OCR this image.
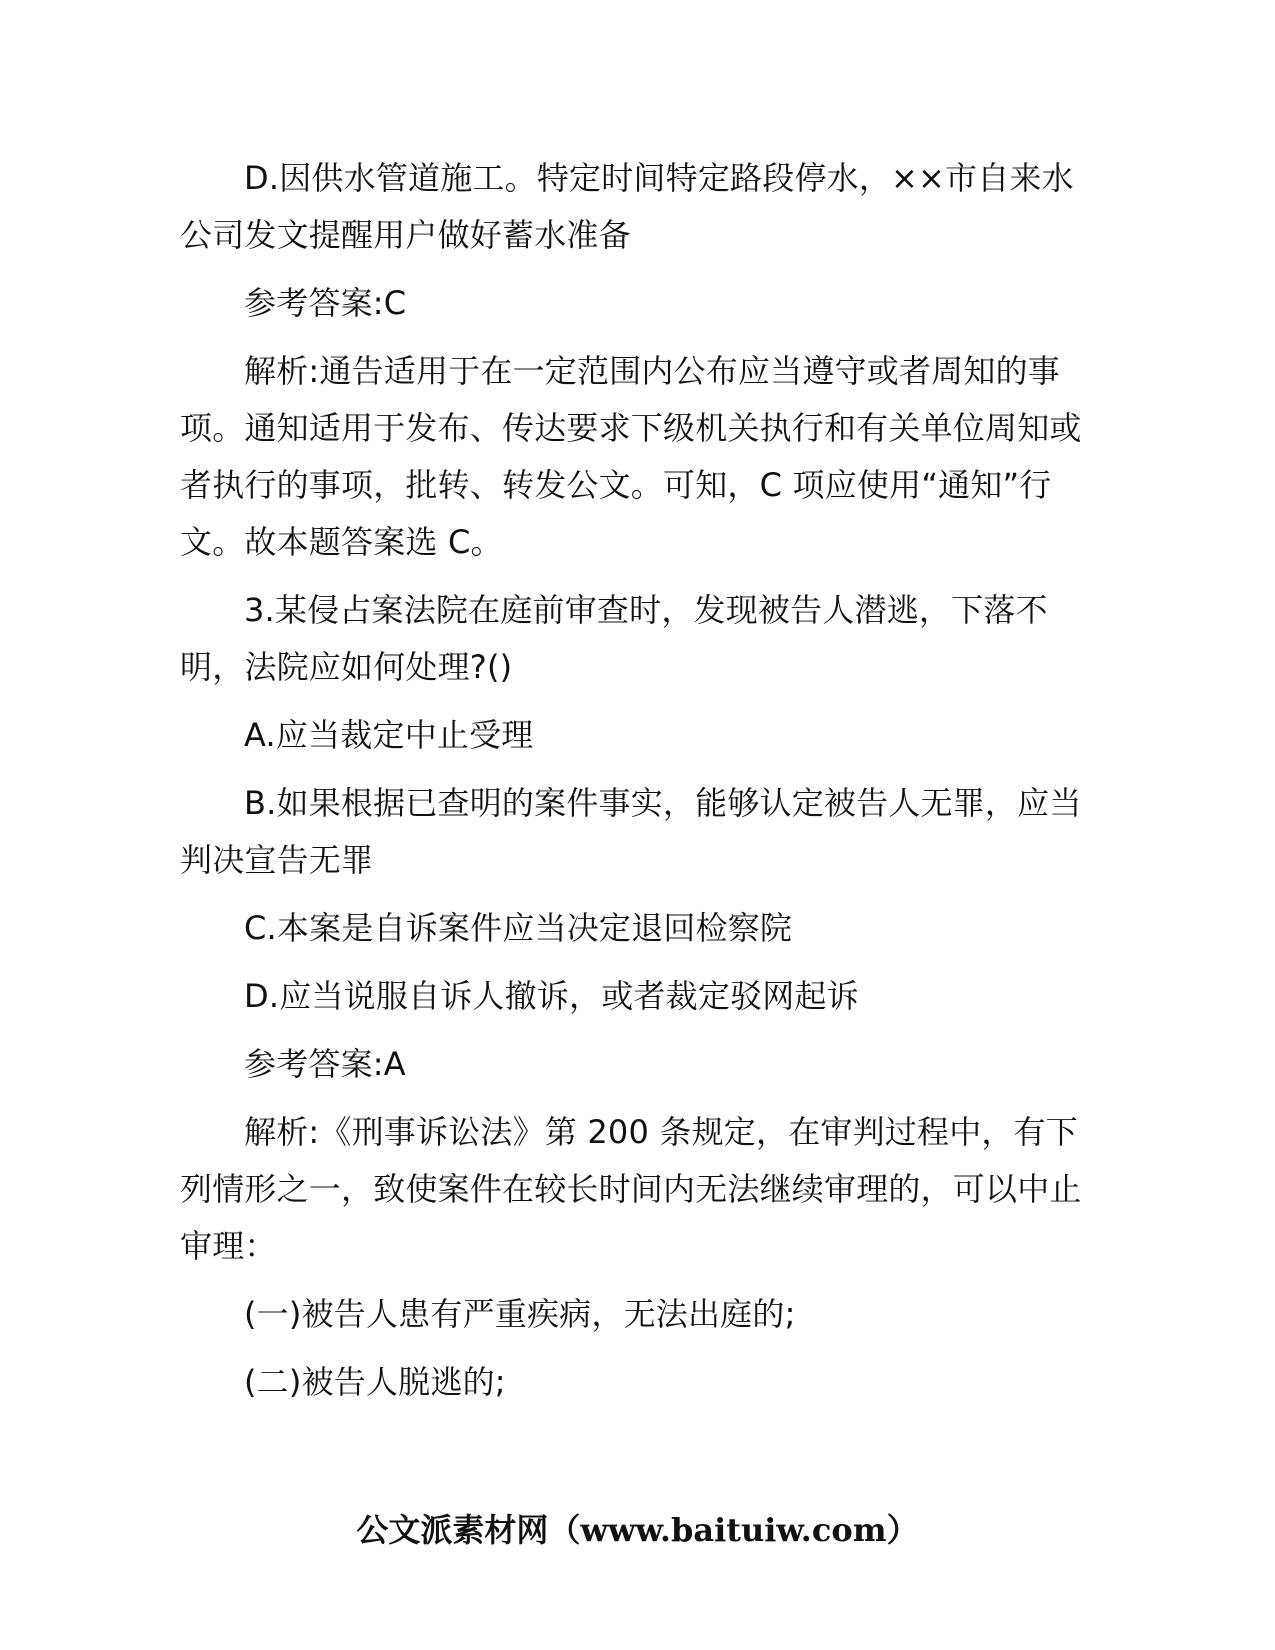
D.因供水管道施工。特定时间特定路段停水，××市自来水公司发文提醒用户做好蓄水准备

参考答案:C

解析:通告适用于在一定范围内公布应当遵守或者周知的事项。通知适用于发布、传达要求下级机关执行和有关单位周知或者执行的事项，批转、转发公文。可知，C 项应使用“通知”行文。故本题答案选 C。

3.某侵占案法院在庭前审查时，发现被告人潜逃，下落不明，法院应如何处理?()

A.应当裁定中止受理

B.如果根据已查明的案件事实，能够认定被告人无罪，应当判决宣告无罪

C.本案是自诉案件应当决定退回检察院

D.应当说服自诉人撤诉，或者裁定驳网起诉

参考答案:A

解析:《刑事诉讼法》第 200 条规定，在审判过程中，有下列情形之一，致使案件在较长时间内无法继续审理的，可以中止审理：

(一)被告人患有严重疾病，无法出庭的;

(二)被告人脱逃的;

公文派素材网（www.baituiw.com）
